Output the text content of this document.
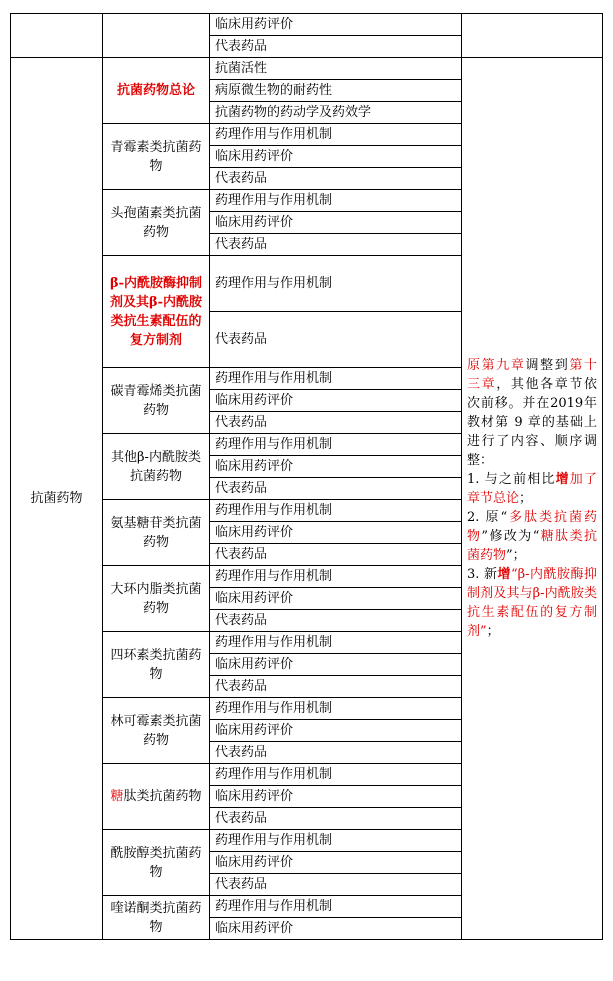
		临床用药评价	
		代表药品	
抗菌药物	抗菌药物总论	抗菌活性	原第九章调整到第十三章，其他各章节依次前移。并在2019年教材第 9 章的基础上进行了内容、顺序调整：
1. 与之前相比增加了章节总论；
2. 原“多肽类抗菌药物”修改为“糖肽类抗菌药物”；
3. 新增“β-内酰胺酶抑制剂及其与β-内酰胺类抗生素配伍的复方制剂”；

		病原微生物的耐药性	
		抗菌药物的药动学及药效学	
	青霉素类抗菌药物	药理作用与作用机制	
		临床用药评价	
		代表药品	
	头孢菌素类抗菌药物	药理作用与作用机制	
		临床用药评价	
		代表药品	
	β-内酰胺酶抑制剂及其β-内酰胺类抗生素配伍的复方制剂	药理作用与作用机制	
		代表药品	
	碳青霉烯类抗菌药物	药理作用与作用机制	
		临床用药评价	
		代表药品	
	其他β-内酰胺类抗菌药物	药理作用与作用机制	
		临床用药评价	
		代表药品	
	氨基糖苷类抗菌药物	药理作用与作用机制	
		临床用药评价	
		代表药品	
	大环内脂类抗菌药物	药理作用与作用机制	
		临床用药评价	
		代表药品	
	四环素类抗菌药物	药理作用与作用机制	
		临床用药评价	
		代表药品	
	林可霉素类抗菌药物	药理作用与作用机制	
		临床用药评价	
		代表药品	
	糖肽类抗菌药物	药理作用与作用机制	
		临床用药评价	
		代表药品	
	酰胺醇类抗菌药物	药理作用与作用机制	
		临床用药评价	
		代表药品	
	喹诺酮类抗菌药物	药理作用与作用机制	
		临床用药评价	
